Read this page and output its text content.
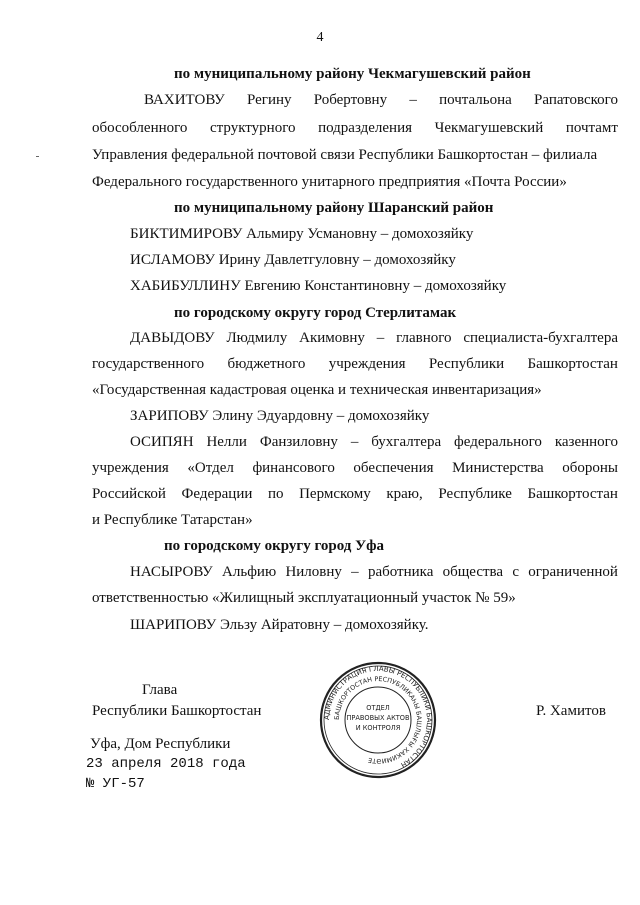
4
по муниципальному району Чекмагушевский район
ВАХИТОВУ Регину Робертовну – почтальона Рапатовского
обособленного структурного подразделения Чекмагушевский почтамт
Управления федеральной почтовой связи Республики Башкортостан – филиала
Федерального государственного унитарного предприятия «Почта России»
по муниципальному району Шаранский район
БИКТИМИРОВУ Альмиру Усмановну – домохозяйку
ИСЛАМОВУ Ирину Давлетгуловну – домохозяйку
ХАБИБУЛЛИНУ Евгению Константиновну – домохозяйку
по городскому округу город Стерлитамак
ДАВЫДОВУ Людмилу Акимовну – главного специалиста-бухгалтера
государственного бюджетного учреждения Республики Башкортостан
«Государственная кадастровая оценка и техническая инвентаризация»
ЗАРИПОВУ Элину Эдуардовну – домохозяйку
ОСИПЯН Нелли Фанзиловну – бухгалтера федерального казенного
учреждения «Отдел финансового обеспечения Министерства обороны
Российской Федерации по Пермскому краю, Республике Башкортостан
и Республике Татарстан»
по городскому округу город Уфа
НАСЫРОВУ Альфию Ниловну – работника общества с ограниченной
ответственностью «Жилищный эксплуатационный участок № 59»
ШАРИПОВУ Эльзу Айратовну – домохозяйку.
Глава
Республики Башкортостан	Р. Хамитов
АДМИНИСТРАЦИЯ ГЛАВЫ РЕСПУБЛИКИ БАШКОРТОСТАН
БАШКОРТОСТАН РЕСПУБЛИКАҺЫ БАШЛЫҒЫ ХАКИМИӘТЕ
ОТДЕЛ
ПРАВОВЫХ АКТОВ
И КОНТРОЛЯ
Уфа, Дом Республики
23 апреля 2018 года
№ УГ-57
